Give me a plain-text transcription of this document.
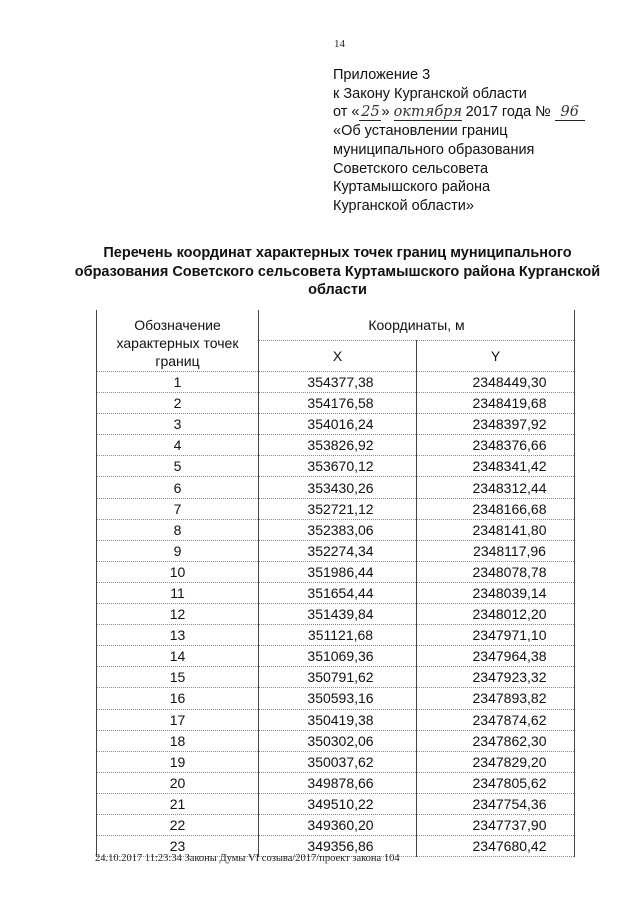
14
Приложение 3
к Закону Курганской области
от « 25 » октября 2017 года № 96
«Об установлении границ
муниципального образования
Советского сельсовета
Куртамышского района
Курганской области»
Перечень координат характерных точек границ муниципального образования Советского сельсовета Куртамышского района Курганской области
Обозначение характерных точек границ	Координаты, м	
	X	Y
1	354377,38	2348449,30
2	354176,58	2348419,68
3	354016,24	2348397,92
4	353826,92	2348376,66
5	353670,12	2348341,42
6	353430,26	2348312,44
7	352721,12	2348166,68
8	352383,06	2348141,80
9	352274,34	2348117,96
10	351986,44	2348078,78
11	351654,44	2348039,14
12	351439,84	2348012,20
13	351121,68	2347971,10
14	351069,36	2347964,38
15	350791,62	2347923,32
16	350593,16	2347893,82
17	350419,38	2347874,62
18	350302,06	2347862,30
19	350037,62	2347829,20
20	349878,66	2347805,62
21	349510,22	2347754,36
22	349360,20	2347737,90
23	349356,86	2347680,42
24.10.2017 11:23:34 Законы Думы VI созыва/2017/проект закона 104
